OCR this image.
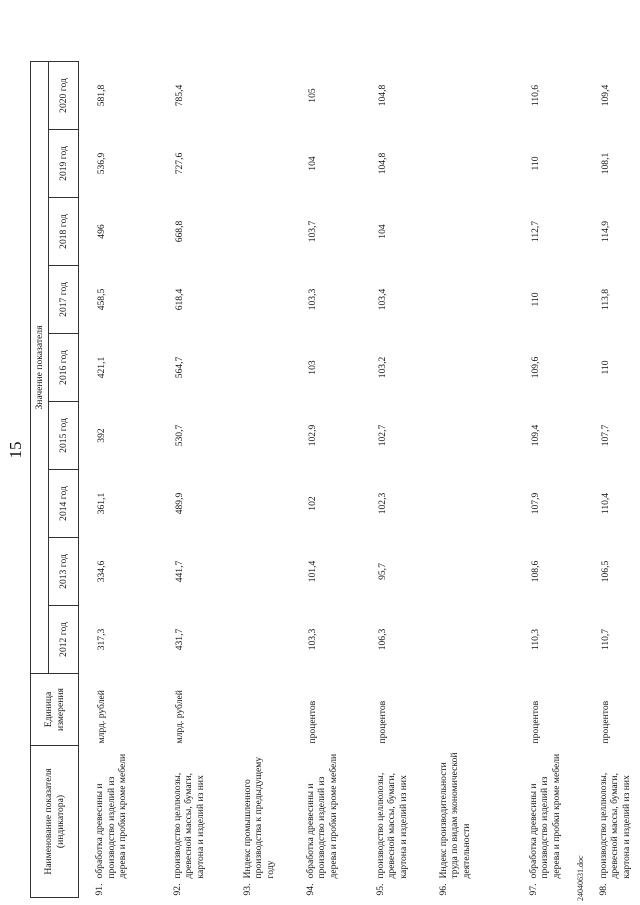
15
Наименование показателя (индикатора)	Единица измерения	Значение показателя								
		2012 год	2013 год	2014 год	2015 год	2016 год	2017 год	2018 год	2019 год	2020 год

91.
обработка древесины и производство изделий из дерева и пробки кроме мебели	млрд. рублей	317,3	334,6	361,1	392	421,1	458,5	496	536,9	581,8

92.
производство целлюлозы, древесной массы, бумаги, картона и изделий из них	млрд. рублей	431,7	441,7	489,9	530,7	564,7	618,4	668,8	727,6	785,4

93.
Индекс промышленного производства к предыдущему году										

94.
обработка древесины и производство изделий из дерева и пробки кроме мебели	процентов	103,3	101,4	102	102,9	103	103,3	103,7	104	105

95.
производство целлюлозы, древесной массы, бумаги, картона и изделий из них	процентов	106,3	95,7	102,3	102,7	103,2	103,4	104	104,8	104,8

96.
Индекс производительности труда по видам экономической деятельности										

97.
обработка древесины и производство изделий из дерева и пробки кроме мебели	процентов	110,3	108,6	107,9	109,4	109,6	110	112,7	110	110,6

98.
производство целлюлозы, древесной массы, бумаги, картона и изделий из них	процентов	110,7	106,5	110,4	107,7	110	113,8	114,9	108,1	109,4
24040631.doc
